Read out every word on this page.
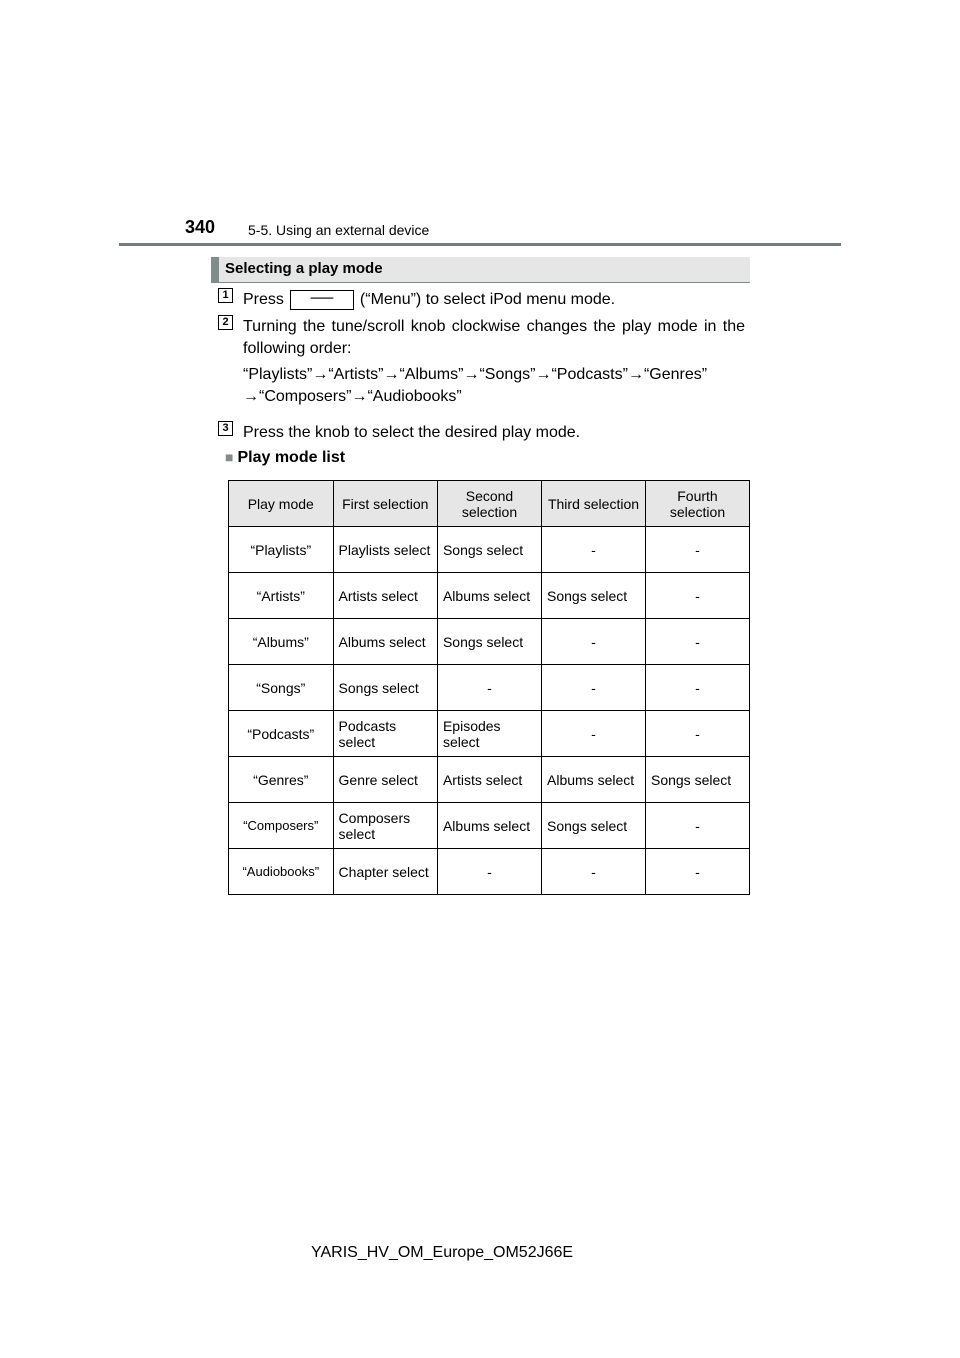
340 5-5. Using an external device
Selecting a play mode
1 Press ── (“Menu”) to select iPod menu mode.
2 Turning the tune/scroll knob clockwise changes the play mode in the following order:
“Playlists”→“Artists”→“Albums”→“Songs”→“Podcasts”→“Genres”
→“Composers”→“Audiobooks”
3 Press the knob to select the desired play mode.
■ Play mode list
Play mode	First selection	Second selection	Third selection	Fourth selection
“Playlists”	Playlists select	Songs select	-	-
“Artists”	Artists select	Albums select	Songs select	-
“Albums”	Albums select	Songs select	-	-
“Songs”	Songs select	-	-	-
“Podcasts”	Podcasts select	Episodes select	-	-
“Genres”	Genre select	Artists select	Albums select	Songs select
“Composers”	Composers select	Albums select	Songs select	-
“Audiobooks”	Chapter select	-	-	-
YARIS_HV_OM_Europe_OM52J66E
